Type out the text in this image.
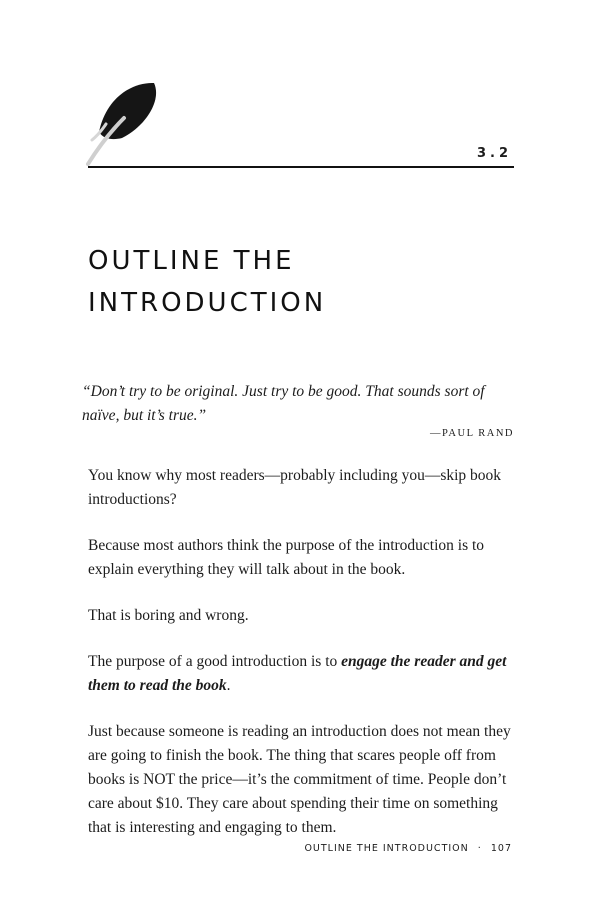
3.2
OUTLINE THE
INTRODUCTION

“Don’t try to be original. Just try to be good. That sounds sort of naïve, but it’s true.”

—PAUL RAND

You know why most readers—probably including you—skip book introductions?

Because most authors think the purpose of the introduction is to explain everything they will talk about in the book.

That is boring and wrong.

The purpose of a good introduction is to engage the reader and get them to read the book.

Just because someone is reading an introduction does not mean they are going to finish the book. The thing that scares people off from books is NOT the price—it’s the commitment of time. People don’t care about $10. They care about spending their time on something that is interesting and engaging to them.

OUTLINE THE INTRODUCTION · 107
